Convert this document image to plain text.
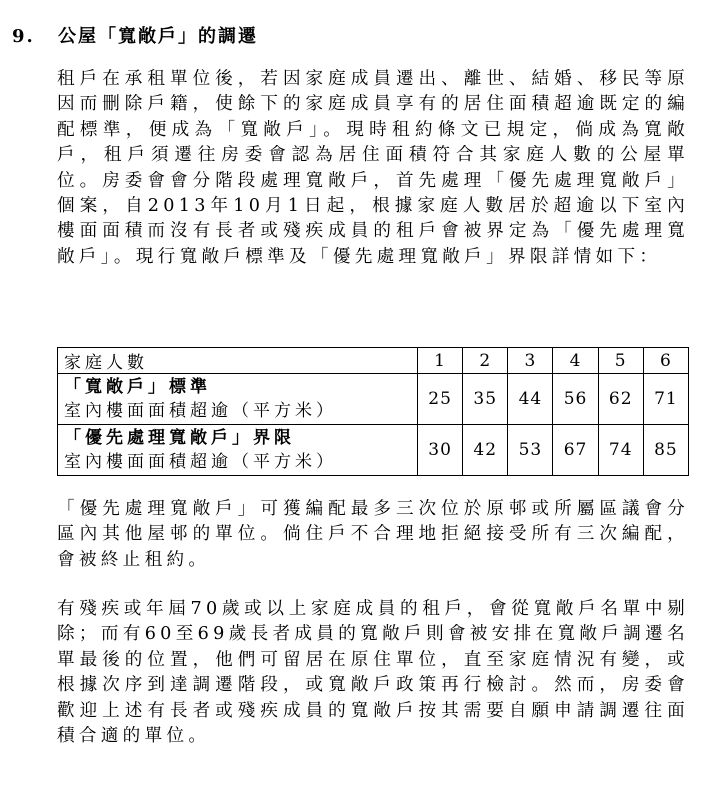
9. 公屋「寬敞戶」的調遷

租戶在承租單位後，若因家庭成員遷出、離世、結婚、移民等原因而刪除戶籍，使餘下的家庭成員享有的居住面積超逾既定的編配標準，便成為「寬敞戶」。現時租約條文已規定，倘成為寬敞戶，租戶須遷往房委會認為居住面積符合其家庭人數的公屋單位。房委會會分階段處理寬敞戶，首先處理「優先處理寬敞戶」個案，自2013年10月1日起，根據家庭人數居於超逾以下室內樓面面積而沒有長者或殘疾成員的租戶會被界定為「優先處理寬敞戶」。現行寬敞戶標準及「優先處理寬敞戶」界限詳情如下：

家庭人數	1	2	3	4	5	6

「寬敞戶」標準
室內樓面面積超逾（平方米）	25	35	44	56	62	71

「優先處理寬敞戶」界限
室內樓面面積超逾（平方米）	30	42	53	67	74	85

「優先處理寬敞戶」可獲編配最多三次位於原邨或所屬區議會分區內其他屋邨的單位。倘住戶不合理地拒絕接受所有三次編配，會被終止租約。

有殘疾或年屆70歲或以上家庭成員的租戶，會從寬敞戶名單中剔除；而有60至69歲長者成員的寬敞戶則會被安排在寬敞戶調遷名單最後的位置，他們可留居在原住單位，直至家庭情況有變，或根據次序到達調遷階段，或寬敞戶政策再行檢討。然而，房委會歡迎上述有長者或殘疾成員的寬敞戶按其需要自願申請調遷往面積合適的單位。
